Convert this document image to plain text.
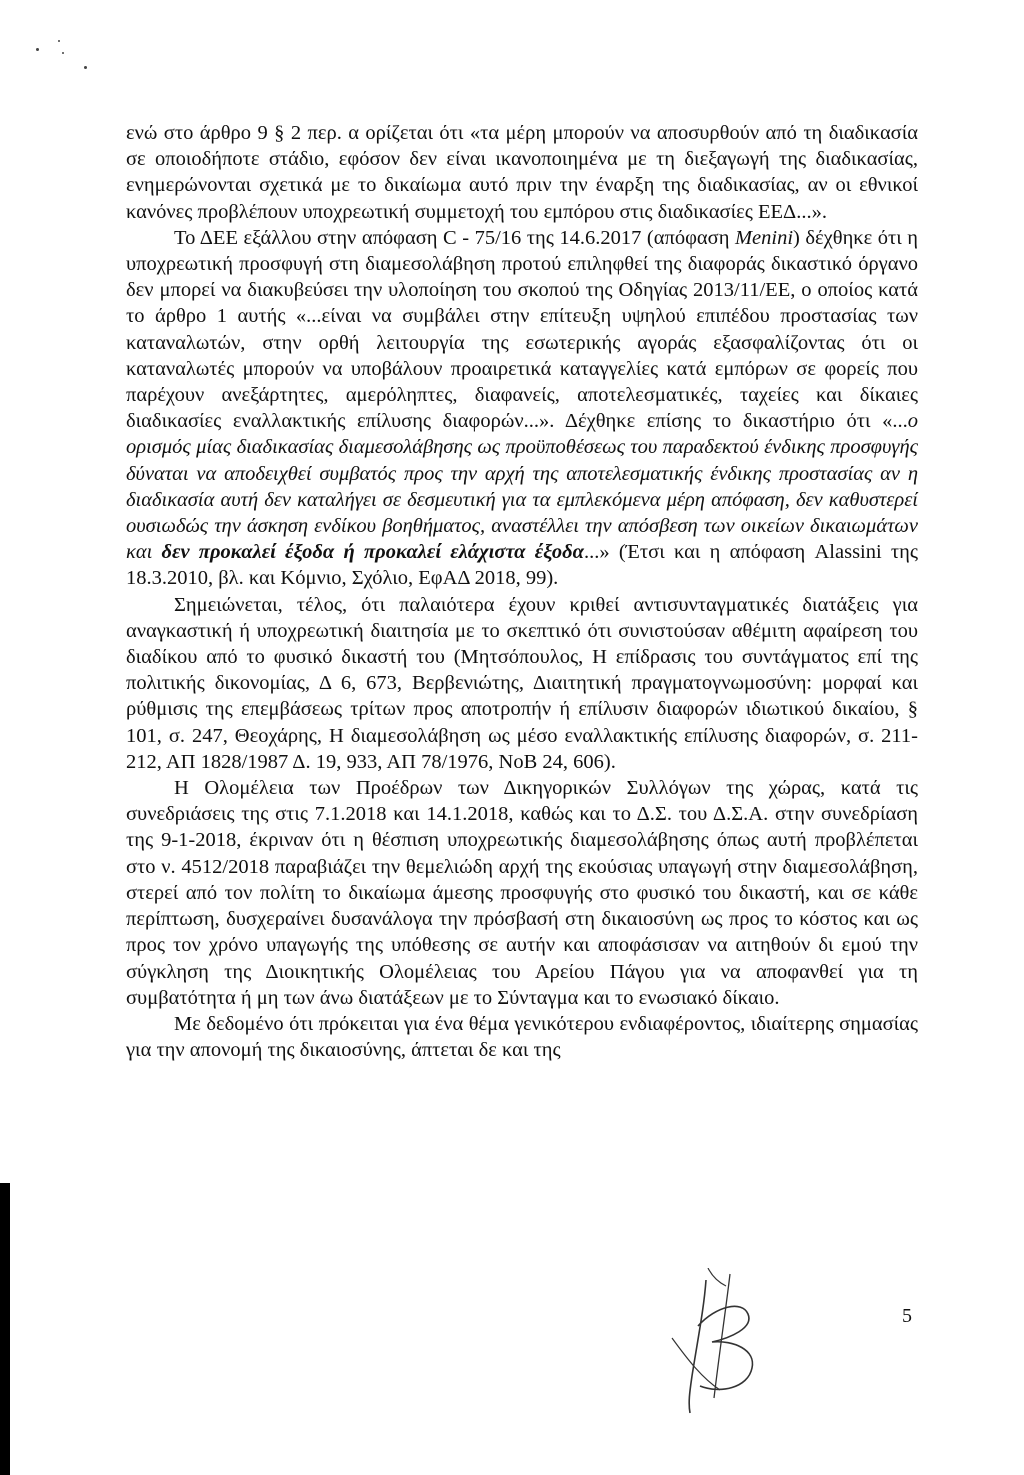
ενώ στο άρθρο 9 § 2 περ. α ορίζεται ότι «τα μέρη μπορούν να αποσυρθούν από τη διαδικασία σε οποιοδήποτε στάδιο, εφόσον δεν είναι ικανοποιημένα με τη διεξαγωγή της διαδικασίας, ενημερώνονται σχετικά με το δικαίωμα αυτό πριν την έναρξη της διαδικασίας, αν οι εθνικοί κανόνες προβλέπουν υποχρεωτική συμμετοχή του εμπόρου στις διαδικασίες ΕΕΔ...».

Το ΔΕΕ εξάλλου στην απόφαση C - 75/16 της 14.6.2017 (απόφαση Menini) δέχθηκε ότι η υποχρεωτική προσφυγή στη διαμεσολάβηση προτού επιληφθεί της διαφοράς δικαστικό όργανο δεν μπορεί να διακυβεύσει την υλοποίηση του σκοπού της Οδηγίας 2013/11/ΕΕ, ο οποίος κατά το άρθρο 1 αυτής «...είναι να συμβάλει στην επίτευξη υψηλού επιπέδου προστασίας των καταναλωτών, στην ορθή λειτουργία της εσωτερικής αγοράς εξασφαλίζοντας ότι οι καταναλωτές μπορούν να υποβάλουν προαιρετικά καταγγελίες κατά εμπόρων σε φορείς που παρέχουν ανεξάρτητες, αμερόληπτες, διαφανείς, αποτελεσματικές, ταχείες και δίκαιες διαδικασίες εναλλακτικής επίλυσης διαφορών...». Δέχθηκε επίσης το δικαστήριο ότι «...ο ορισμός μίας διαδικασίας διαμεσολάβησης ως προϋποθέσεως του παραδεκτού ένδικης προσφυγής δύναται να αποδειχθεί συμβατός προς την αρχή της αποτελεσματικής ένδικης προστασίας αν η διαδικασία αυτή δεν καταλήγει σε δεσμευτική για τα εμπλεκόμενα μέρη απόφαση, δεν καθυστερεί ουσιωδώς την άσκηση ενδίκου βοηθήματος, αναστέλλει την απόσβεση των οικείων δικαιωμάτων και δεν προκαλεί έξοδα ή προκαλεί ελάχιστα έξοδα...» (Έτσι και η απόφαση Alassini της 18.3.2010, βλ. και Κόμνιο, Σχόλιο, ΕφΑΔ 2018, 99).

Σημειώνεται, τέλος, ότι παλαιότερα έχουν κριθεί αντισυνταγματικές διατάξεις για αναγκαστική ή υποχρεωτική διαιτησία με το σκεπτικό ότι συνιστούσαν αθέμιτη αφαίρεση του διαδίκου από το φυσικό δικαστή του (Μητσόπουλος, Η επίδρασις του συντάγματος επί της πολιτικής δικονομίας, Δ 6, 673, Βερβενιώτης, Διαιτητική πραγματογνωμοσύνη: μορφαί και ρύθμισις της επεμβάσεως τρίτων προς αποτροπήν ή επίλυσιν διαφορών ιδιωτικού δικαίου, § 101, σ. 247, Θεοχάρης, Η διαμεσολάβηση ως μέσο εναλλακτικής επίλυσης διαφορών, σ. 211-212, ΑΠ 1828/1987 Δ. 19, 933, ΑΠ 78/1976, ΝοΒ 24, 606).

Η Ολομέλεια των Προέδρων των Δικηγορικών Συλλόγων της χώρας, κατά τις συνεδριάσεις της στις 7.1.2018 και 14.1.2018, καθώς και το Δ.Σ. του Δ.Σ.Α. στην συνεδρίαση της 9-1-2018, έκριναν ότι η θέσπιση υποχρεωτικής διαμεσολάβησης όπως αυτή προβλέπεται στο ν. 4512/2018 παραβιάζει την θεμελιώδη αρχή της εκούσιας υπαγωγή στην διαμεσολάβηση, στερεί από τον πολίτη το δικαίωμα άμεσης προσφυγής στο φυσικό του δικαστή, και σε κάθε περίπτωση, δυσχεραίνει δυσανάλογα την πρόσβασή στη δικαιοσύνη ως προς το κόστος και ως προς τον χρόνο υπαγωγής της υπόθεσης σε αυτήν και αποφάσισαν να αιτηθούν δι εμού την σύγκληση της Διοικητικής Ολομέλειας του Αρείου Πάγου για να αποφανθεί για τη συμβατότητα ή μη των άνω διατάξεων με το Σύνταγμα και το ενωσιακό δίκαιο.

Με δεδομένο ότι πρόκειται για ένα θέμα γενικότερου ενδιαφέροντος, ιδιαίτερης σημασίας για την απονομή της δικαιοσύνης, άπτεται δε και της

5
